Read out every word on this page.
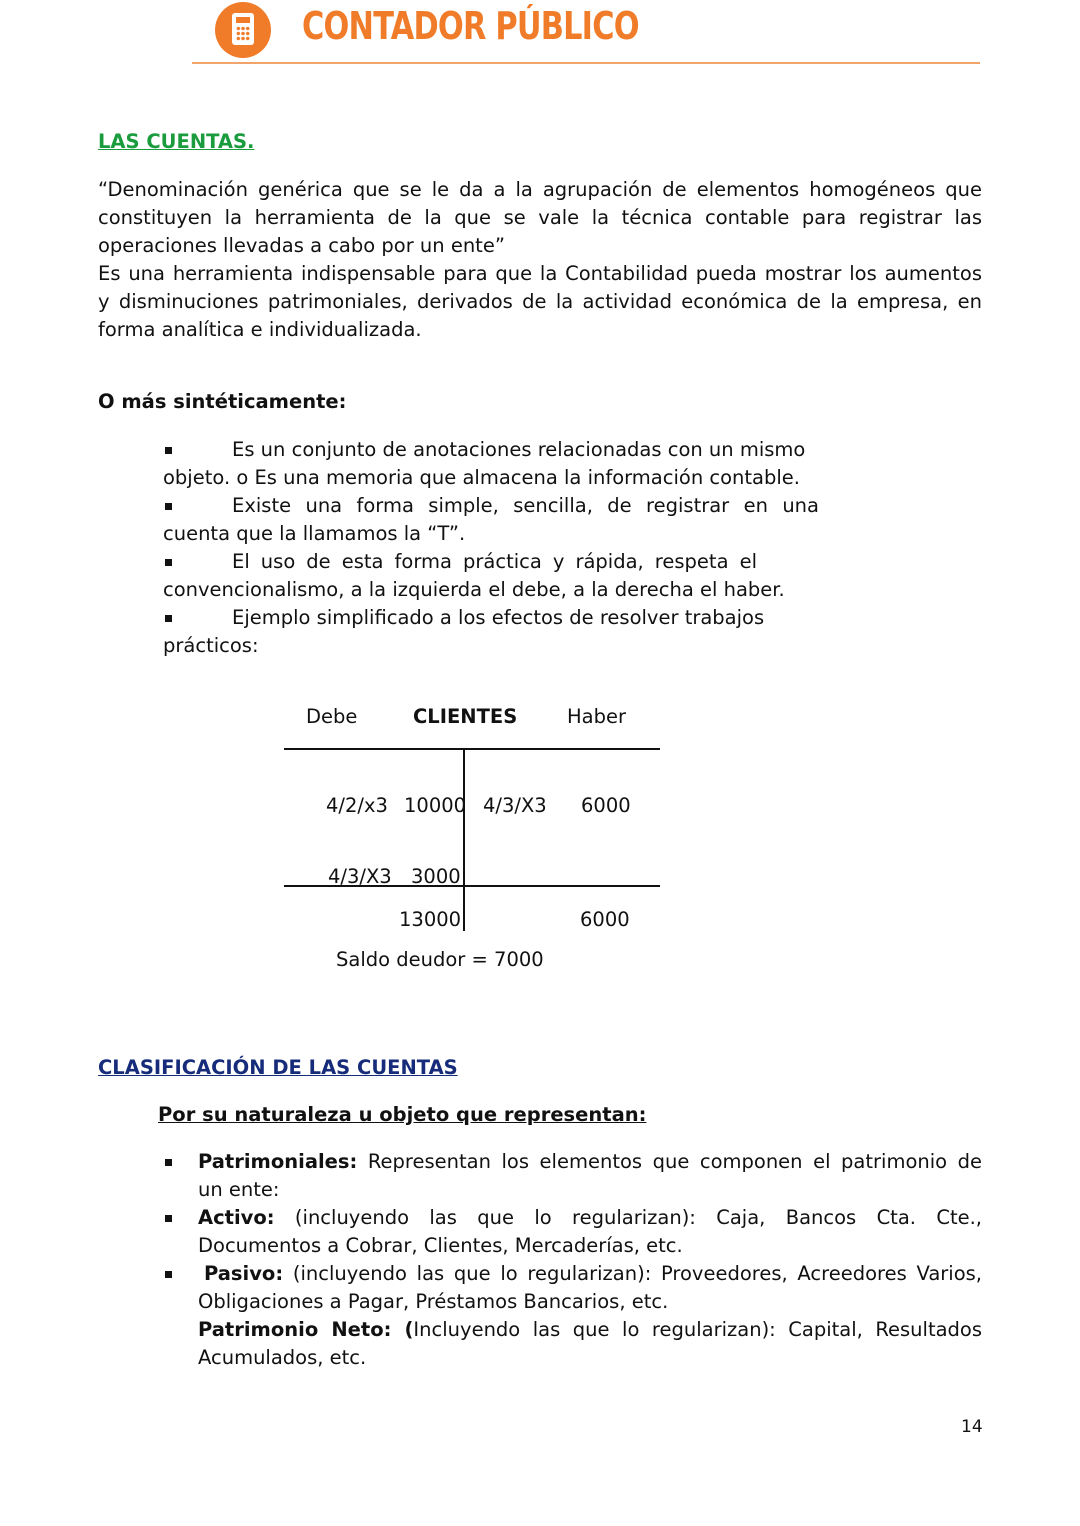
CONTADOR PÚBLICO
LAS CUENTAS.
“Denominación genérica que se le da a la agrupación de elementos homogéneos que
constituyen la herramienta de la que se vale la técnica contable para registrar las
operaciones llevadas a cabo por un ente”
Es una herramienta indispensable para que la Contabilidad pueda mostrar los aumentos
y disminuciones patrimoniales, derivados de la actividad económica de la empresa, en
forma analítica e individualizada.
O más sintéticamente:
Es un conjunto de anotaciones relacionadas con un mismo
objeto. o Es una memoria que almacena la información contable.
Existe una forma simple, sencilla, de registrar en una
cuenta que la llamamos la “T”.
El uso de esta forma práctica y rápida, respeta el
convencionalismo, a la izquierda el debe, a la derecha el haber.
Ejemplo simplificado a los efectos de resolver trabajos
prácticos:
Debe	CLIENTES	Haber
4/2/x3 10000 4/3/X3 6000
4/3/X3 3000
13000	6000
Saldo deudor = 7000
CLASIFICACIÓN DE LAS CUENTAS
Por su naturaleza u objeto que representan:
Patrimoniales: Representan los elementos que componen el patrimonio de
un ente:
Activo: (incluyendo las que lo regularizan): Caja, Bancos Cta. Cte.,
Documentos a Cobrar, Clientes, Mercaderías, etc.
Pasivo: (incluyendo las que lo regularizan): Proveedores, Acreedores Varios,
Obligaciones a Pagar, Préstamos Bancarios, etc.
Patrimonio Neto: (Incluyendo las que lo regularizan): Capital, Resultados
Acumulados, etc.
14
